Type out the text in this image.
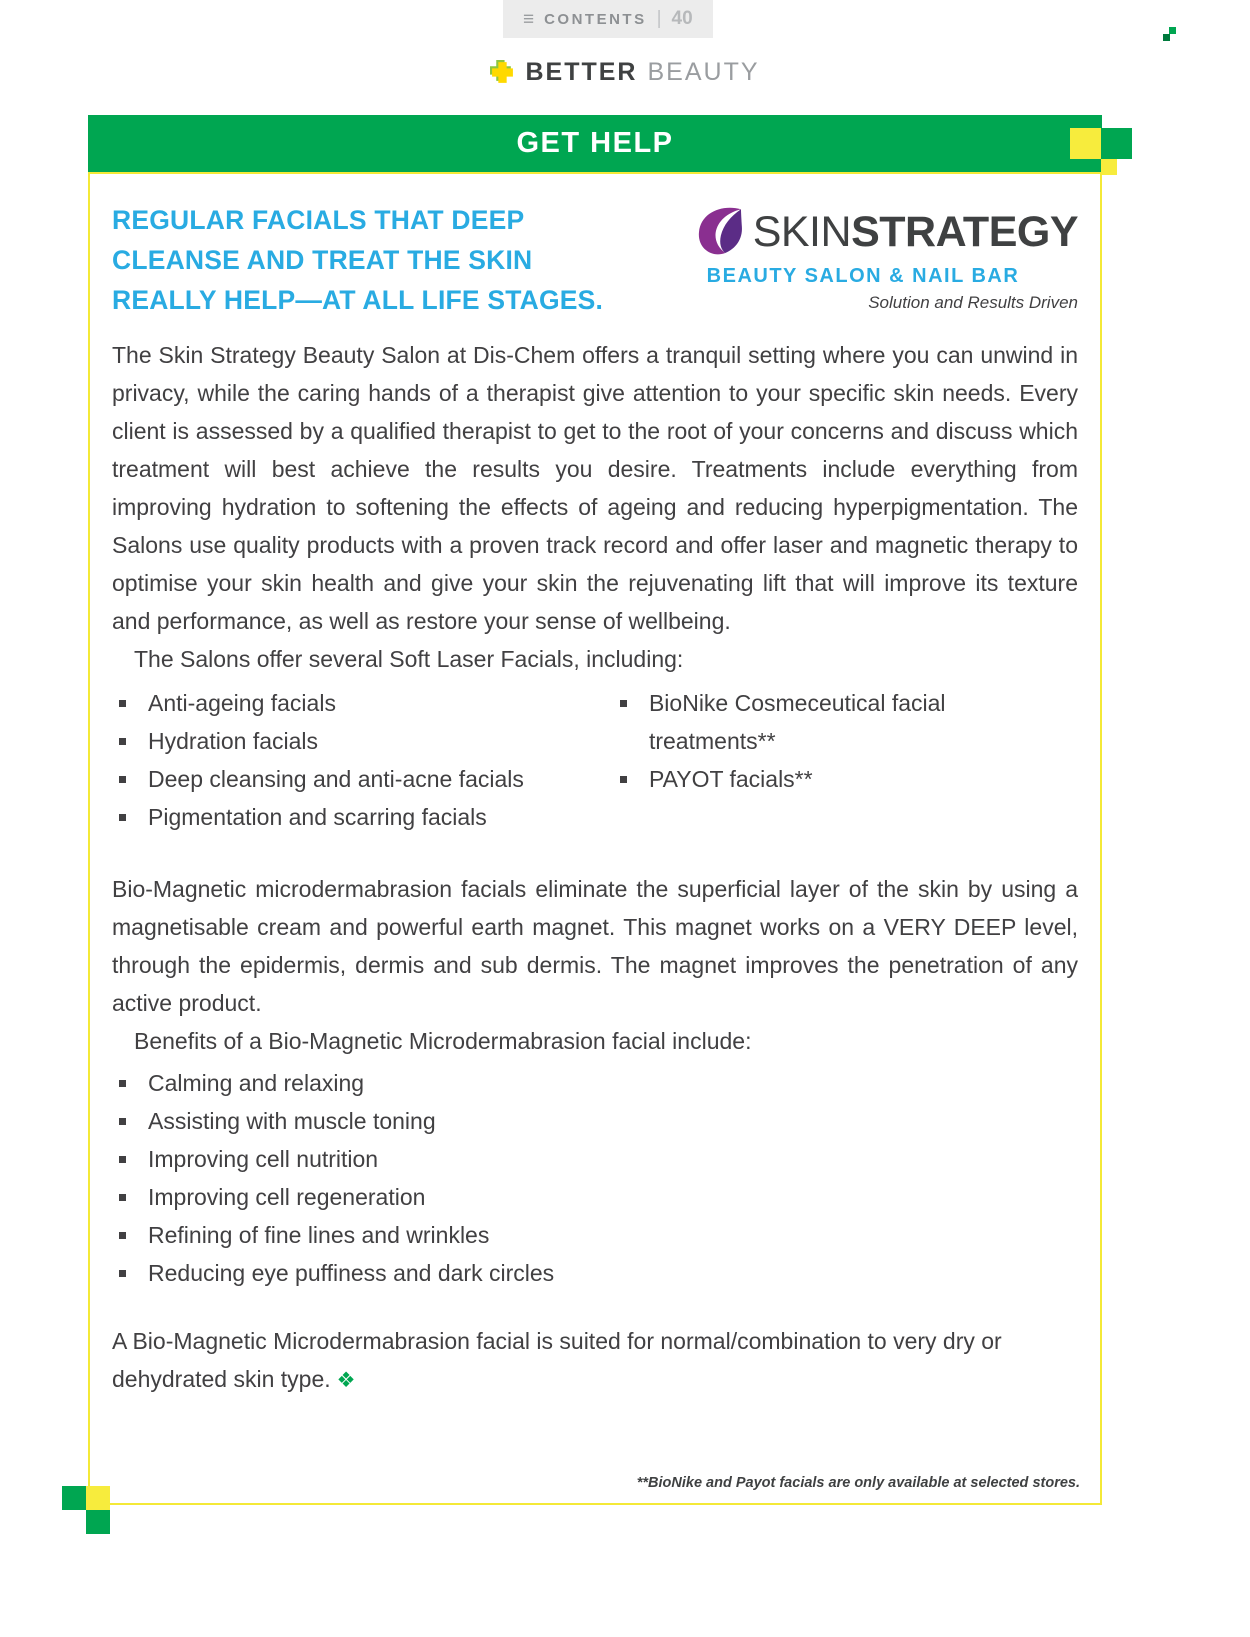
≡ CONTENTS | 40
BETTER BEAUTY
GET HELP
REGULAR FACIALS THAT DEEP CLEANSE AND TREAT THE SKIN REALLY HELP—AT ALL LIFE STAGES.
SKINSTRATEGY
BEAUTY SALON & NAIL BAR
Solution and Results Driven

The Skin Strategy Beauty Salon at Dis-Chem offers a tranquil setting where you can unwind in privacy, while the caring hands of a therapist give attention to your specific skin needs. Every client is assessed by a qualified therapist to get to the root of your concerns and discuss which treatment will best achieve the results you desire. Treatments include everything from improving hydration to softening the effects of ageing and reducing hyperpigmentation. The Salons use quality products with a proven track record and offer laser and magnetic therapy to optimise your skin health and give your skin the rejuvenating lift that will improve its texture and performance, as well as restore your sense of wellbeing.

The Salons offer several Soft Laser Facials, including:

Anti-ageing facials
Hydration facials
Deep cleansing and anti-acne facials
Pigmentation and scarring facials
BioNike Cosmeceutical facial treatments**
PAYOT facials**

Bio-Magnetic microdermabrasion facials eliminate the superficial layer of the skin by using a magnetisable cream and powerful earth magnet. This magnet works on a VERY DEEP level, through the epidermis, dermis and sub dermis. The magnet improves the penetration of any active product.

Benefits of a Bio-Magnetic Microdermabrasion facial include:

Calming and relaxing
Assisting with muscle toning
Improving cell nutrition
Improving cell regeneration
Refining of fine lines and wrinkles
Reducing eye puffiness and dark circles

A Bio-Magnetic Microdermabrasion facial is suited for normal/combination to very dry or dehydrated skin type. ❖

**BioNike and Payot facials are only available at selected stores.
